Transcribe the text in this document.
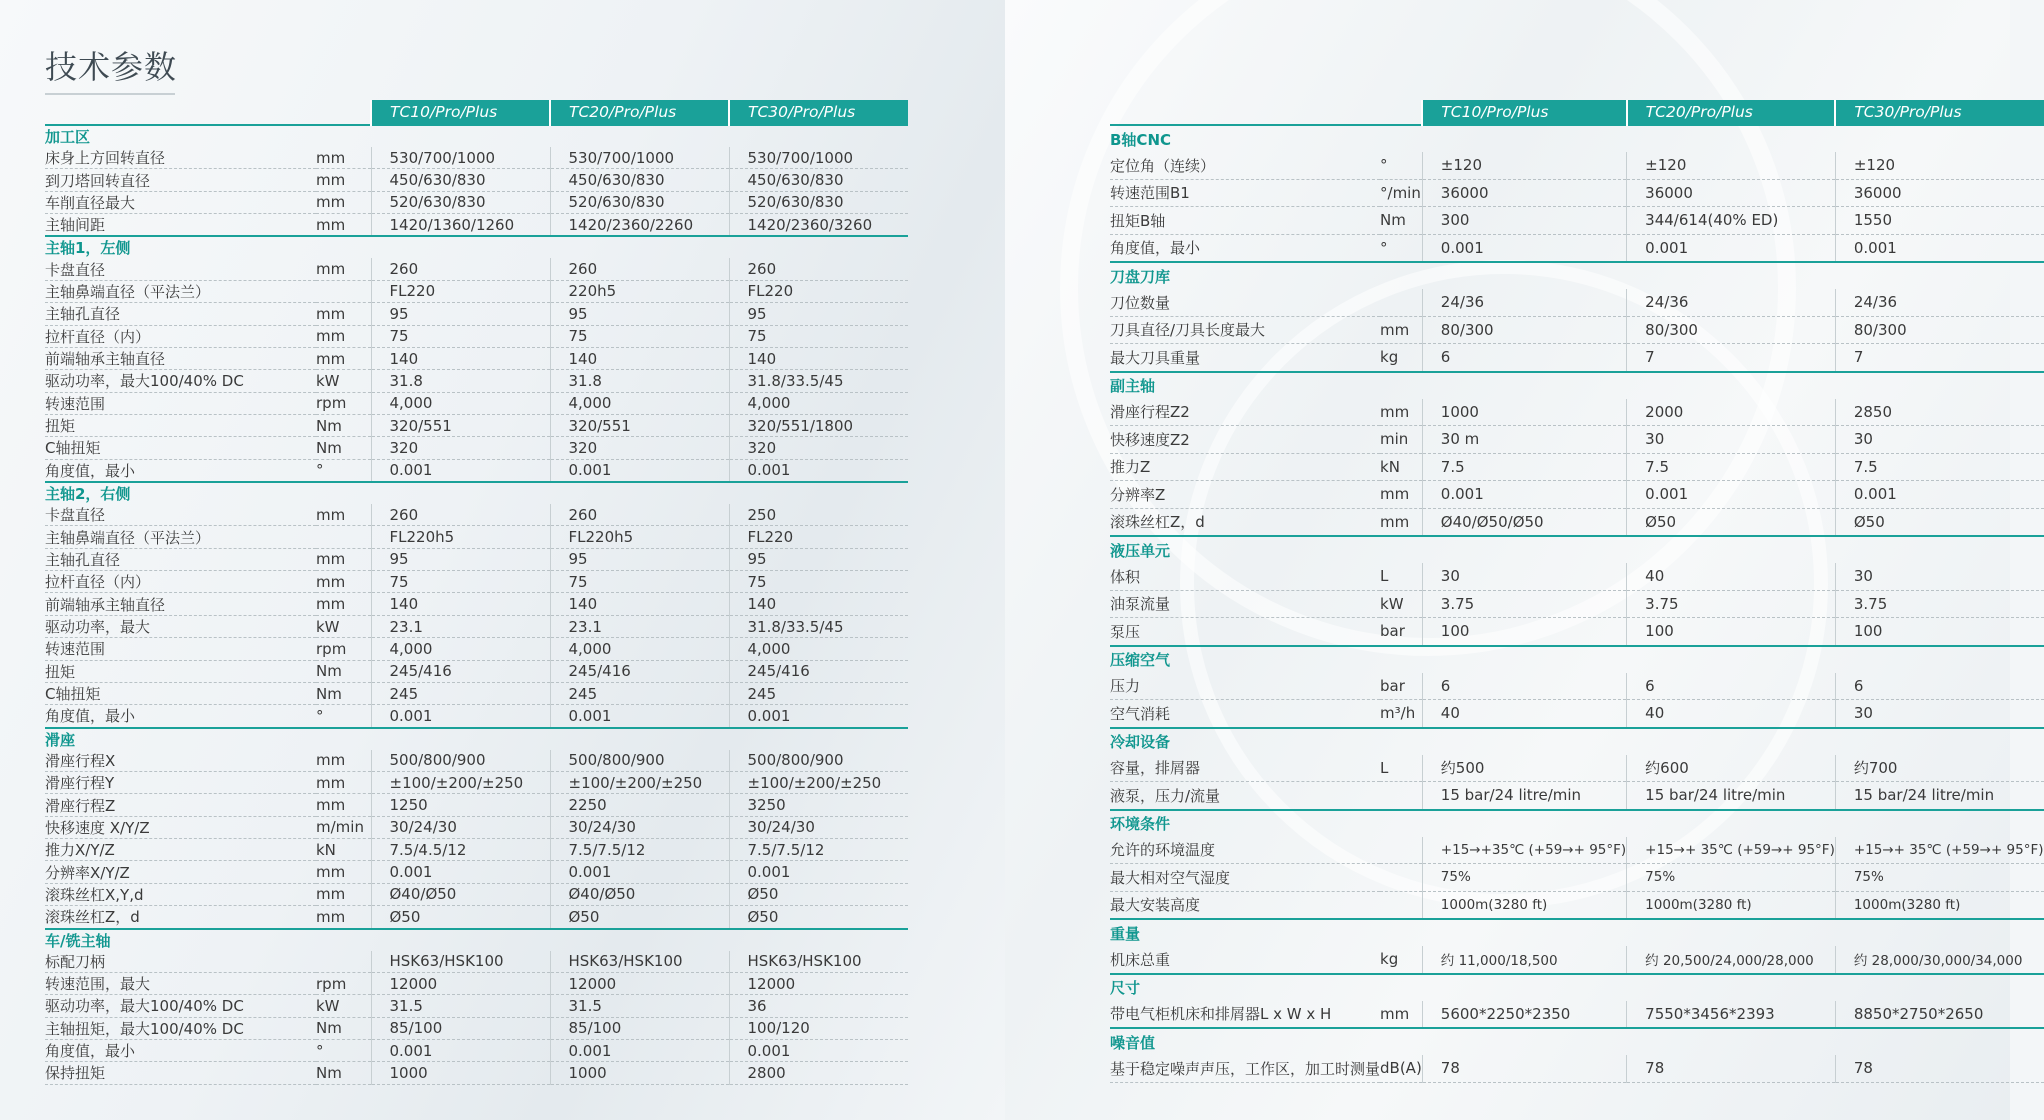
技术参数
		TC10/Pro/Plus	TC20/Pro/Plus	TC30/Pro/Plus
加工区				
床身上方回转直径	mm	530/700/1000	530/700/1000	530/700/1000
到刀塔回转直径	mm	450/630/830	450/630/830	450/630/830
车削直径最大	mm	520/630/830	520/630/830	520/630/830
主轴间距	mm	1420/1360/1260	1420/2360/2260	1420/2360/3260
主轴1，左侧				
卡盘直径	mm	260	260	260
主轴鼻端直径（平法兰）		FL220	220h5	FL220
主轴孔直径	mm	95	95	95
拉杆直径（内）	mm	75	75	75
前端轴承主轴直径	mm	140	140	140
驱动功率，最大100/40% DC	kW	31.8	31.8	31.8/33.5/45
转速范围	rpm	4,000	4,000	4,000
扭矩	Nm	320/551	320/551	320/551/1800
C轴扭矩	Nm	320	320	320
角度值，最小	°	0.001	0.001	0.001
主轴2，右侧				
卡盘直径	mm	260	260	250
主轴鼻端直径（平法兰）		FL220h5	FL220h5	FL220
主轴孔直径	mm	95	95	95
拉杆直径（内）	mm	75	75	75
前端轴承主轴直径	mm	140	140	140
驱动功率，最大	kW	23.1	23.1	31.8/33.5/45
转速范围	rpm	4,000	4,000	4,000
扭矩	Nm	245/416	245/416	245/416
C轴扭矩	Nm	245	245	245
角度值，最小	°	0.001	0.001	0.001
滑座				
滑座行程X	mm	500/800/900	500/800/900	500/800/900
滑座行程Y	mm	±100/±200/±250	±100/±200/±250	±100/±200/±250
滑座行程Z	mm	1250	2250	3250
快移速度 X/Y/Z	m/min	30/24/30	30/24/30	30/24/30
推力X/Y/Z	kN	7.5/4.5/12	7.5/7.5/12	7.5/7.5/12
分辨率X/Y/Z	mm	0.001	0.001	0.001
滚珠丝杠X,Y,d	mm	Ø40/Ø50	Ø40/Ø50	Ø50
滚珠丝杠Z，d	mm	Ø50	Ø50	Ø50
车/铣主轴				
标配刀柄		HSK63/HSK100	HSK63/HSK100	HSK63/HSK100
转速范围，最大	rpm	12000	12000	12000
驱动功率，最大100/40% DC	kW	31.5	31.5	36
主轴扭矩，最大100/40% DC	Nm	85/100	85/100	100/120
角度值，最小	°	0.001	0.001	0.001
保持扭矩	Nm	1000	1000	2800
		TC10/Pro/Plus	TC20/Pro/Plus	TC30/Pro/Plus
B轴CNC				
定位角（连续）	°	±120	±120	±120
转速范围B1	°/min	36000	36000	36000
扭矩B轴	Nm	300	344/614(40% ED)	1550
角度值，最小	°	0.001	0.001	0.001
刀盘刀库				
刀位数量		24/36	24/36	24/36
刀具直径/刀具长度最大	mm	80/300	80/300	80/300
最大刀具重量	kg	6	7	7
副主轴				
滑座行程Z2	mm	1000	2000	2850
快移速度Z2	min	30 m	30	30
推力Z	kN	7.5	7.5	7.5
分辨率Z	mm	0.001	0.001	0.001
滚珠丝杠Z，d	mm	Ø40/Ø50/Ø50	Ø50	Ø50
液压单元				
体积	L	30	40	30
油泵流量	kW	3.75	3.75	3.75
泵压	bar	100	100	100
压缩空气				
压力	bar	6	6	6
空气消耗	m³/h	40	40	30
冷却设备				
容量，排屑器	L	约500	约600	约700
液泵，压力/流量		15 bar/24 litre/min	15 bar/24 litre/min	15 bar/24 litre/min
环境条件				
允许的环境温度		+15→+35℃ (+59→+ 95°F)	+15→+ 35℃ (+59→+ 95°F)	+15→+ 35℃ (+59→+ 95°F)
最大相对空气湿度		75%	75%	75%
最大安装高度		1000m(3280 ft)	1000m(3280 ft)	1000m(3280 ft)
重量				
机床总重	kg	约 11,000/18,500	约 20,500/24,000/28,000	约 28,000/30,000/34,000
尺寸				
带电气柜机床和排屑器L x W x H	mm	5600*2250*2350	7550*3456*2393	8850*2750*2650
噪音值				
基于稳定噪声声压，工作区，加工时测量	dB(A)	78	78	78
